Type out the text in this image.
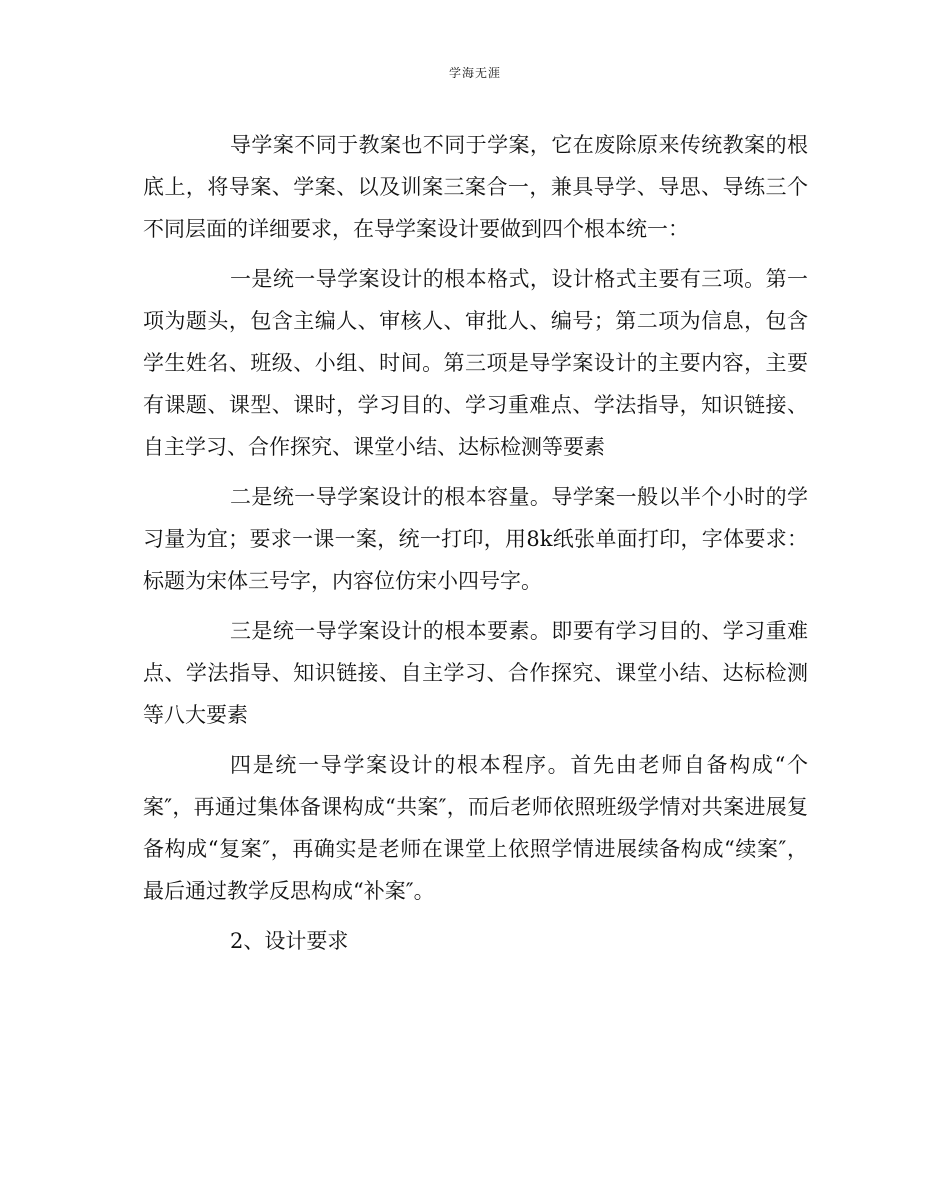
学海无涯

导学案不同于教案也不同于学案，它在废除原来传统教案的根底上，将导案、学案、以及训案三案合一，兼具导学、导思、导练三个不同层面的详细要求，在导学案设计要做到四个根本统一：

一是统一导学案设计的根本格式，设计格式主要有三项。第一项为题头，包含主编人、审核人、审批人、编号；第二项为信息，包含学生姓名、班级、小组、时间。第三项是导学案设计的主要内容，主要有课题、课型、课时，学习目的、学习重难点、学法指导，知识链接、自主学习、合作探究、课堂小结、达标检测等要素

二是统一导学案设计的根本容量。导学案一般以半个小时的学习量为宜；要求一课一案，统一打印，用8k纸张单面打印，字体要求：标题为宋体三号字，内容位仿宋小四号字。

三是统一导学案设计的根本要素。即要有学习目的、学习重难点、学法指导、知识链接、自主学习、合作探究、课堂小结、达标检测等八大要素

四是统一导学案设计的根本程序。首先由老师自备构成“个案″，再通过集体备课构成“共案″，而后老师依照班级学情对共案进展复备构成“复案″，再确实是老师在课堂上依照学情进展续备构成“续案″，最后通过教学反思构成“补案″。

2、设计要求
